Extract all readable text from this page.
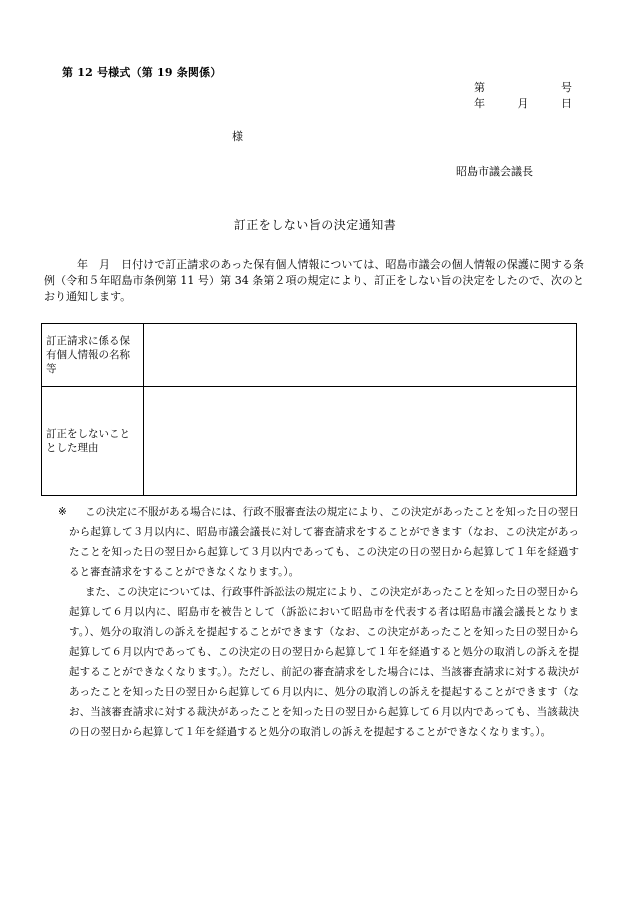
第 12 号様式（第 19 条関係）
第	号
年	月	日
様
昭島市議会議長
訂正をしない旨の決定通知書

年　月　日付けで訂正請求のあった保有個人情報については、昭島市議会の個人情報の保護に関する条例（令和５年昭島市条例第 11 号）第 34 条第２項の規定により、訂正をしない旨の決定をしたので、次のとおり通知します。

訂正請求に係る保有個人情報の名称等	
訂正をしないこととした理由	

※	この決定に不服がある場合には、行政不服審査法の規定により、この決定があったことを知った日の翌日から起算して３月以内に、昭島市議会議長に対して審査請求をすることができます（なお、この決定があったことを知った日の翌日から起算して３月以内であっても、この決定の日の翌日から起算して１年を経過すると審査請求をすることができなくなります。）。

また、この決定については、行政事件訴訟法の規定により、この決定があったことを知った日の翌日から　起算して６月以内に、昭島市を被告として（訴訟において昭島市を代表する者は昭島市議会議長となります。）、処分の取消しの訴えを提起することができます（なお、この決定があったことを知った日の翌日から起算して６月以内であっても、この決定の日の翌日から起算して１年を経過すると処分の取消しの訴えを提起することができなくなります。）。ただし、前記の審査請求をした場合には、当該審査請求に対する裁決があったことを知った日の翌日から起算して６月以内に、処分の取消しの訴えを提起することができます（なお、当該審査請求に対する裁決があったことを知った日の翌日から起算して６月以内であっても、当該裁決の日の翌日から起算して１年を経過すると処分の取消しの訴えを提起することができなくなります。）。
